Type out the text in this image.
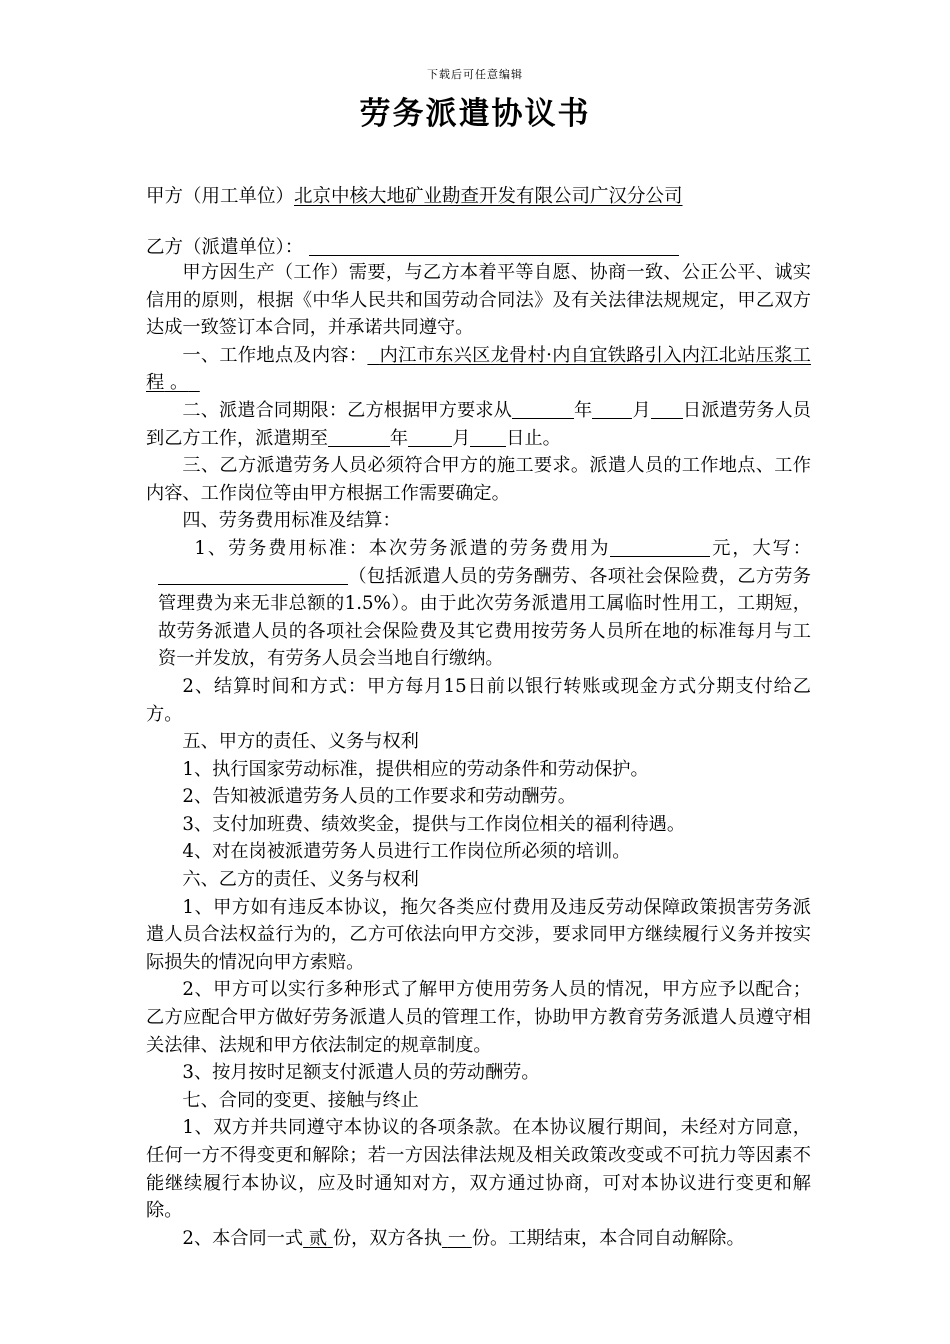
下载后可任意编辑
劳务派遣协议书
甲方（用工单位）北京中核大地矿业勘查开发有限公司广汉分公司
乙方（派遣单位）：

甲方因生产（工作）需要，与乙方本着平等自愿、协商一致、公正公平、诚实信用的原则，根据《中华人民共和国劳动合同法》及有关法律法规规定，甲乙双方达成一致签订本合同，并承诺共同遵守。

一、工作地点及内容： 内江市东兴区龙骨村·内自宜铁路引入内江北站压浆工程 。

二、派遣合同期限：乙方根据甲方要求从	年 月 日派遣劳务人员到乙方工作，派遣期至	年 月 日止。

三、乙方派遣劳务人员必须符合甲方的施工要求。派遣人员的工作地点、工作内容、工作岗位等由甲方根据工作需要确定。

四、劳务费用标准及结算：

1、劳务费用标准：本次劳务派遣的劳务费用为	元，大写：（包括派遣人员的劳务酬劳、各项社会保险费，乙方劳务管理费为来无非总额的1.5%）。由于此次劳务派遣用工属临时性用工，工期短，故劳务派遣人员的各项社会保险费及其它费用按劳务人员所在地的标准每月与工资一并发放，有劳务人员会当地自行缴纳。

2、结算时间和方式：甲方每月15日前以银行转账或现金方式分期支付给乙方。

五、甲方的责任、义务与权利

1、执行国家劳动标准，提供相应的劳动条件和劳动保护。

2、告知被派遣劳务人员的工作要求和劳动酬劳。

3、支付加班费、绩效奖金，提供与工作岗位相关的福利待遇。

4、对在岗被派遣劳务人员进行工作岗位所必须的培训。

六、乙方的责任、义务与权利

1、甲方如有违反本协议，拖欠各类应付费用及违反劳动保障政策损害劳务派遣人员合法权益行为的，乙方可依法向甲方交涉，要求同甲方继续履行义务并按实际损失的情况向甲方索赔。

2、甲方可以实行多种形式了解甲方使用劳务人员的情况，甲方应予以配合；乙方应配合甲方做好劳务派遣人员的管理工作，协助甲方教育劳务派遣人员遵守相关法律、法规和甲方依法制定的规章制度。

3、按月按时足额支付派遣人员的劳动酬劳。

七、合同的变更、接触与终止

1、双方并共同遵守本协议的各项条款。在本协议履行期间，未经对方同意，任何一方不得变更和解除；若一方因法律法规及相关政策改变或不可抗力等因素不能继续履行本协议，应及时通知对方，双方通过协商，可对本协议进行变更和解除。

2、本合同一式 贰 份，双方各执 一 份。工期结束，本合同自动解除。
